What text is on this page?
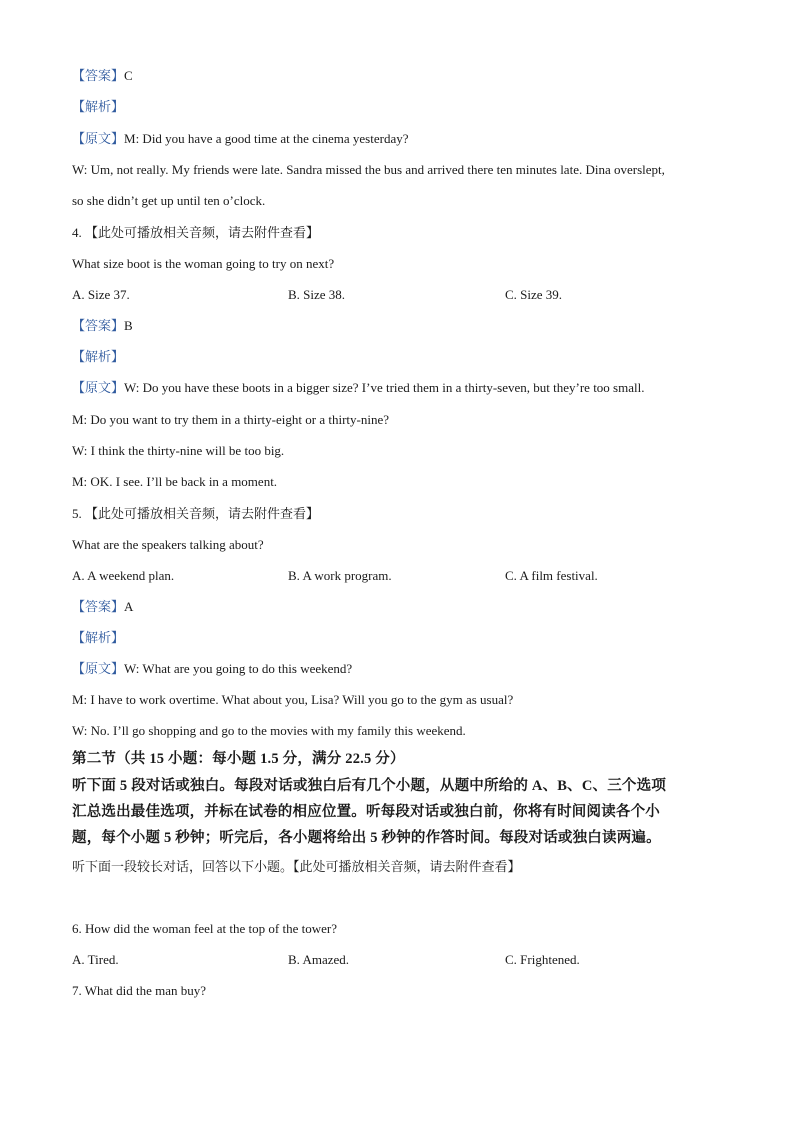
【答案】C
【解析】
【原文】M: Did you have a good time at the cinema yesterday?
W: Um, not really. My friends were late. Sandra missed the bus and arrived there ten minutes late. Dina overslept,
so she didn’t get up until ten o’clock.
4. 【此处可播放相关音频，请去附件查看】
What size boot is the woman going to try on next?
A. Size 37.	B. Size 38.	C. Size 39.
【答案】B
【解析】
【原文】W: Do you have these boots in a bigger size? I’ve tried them in a thirty-seven, but they’re too small.
M: Do you want to try them in a thirty-eight or a thirty-nine?
W: I think the thirty-nine will be too big.
M: OK. I see. I’ll be back in a moment.
5. 【此处可播放相关音频，请去附件查看】
What are the speakers talking about?
A. A weekend plan.	B. A work program.	C. A film festival.
【答案】A
【解析】
【原文】W: What are you going to do this weekend?
M: I have to work overtime. What about you, Lisa? Will you go to the gym as usual?
W: No. I’ll go shopping and go to the movies with my family this weekend.
第二节（共 15 小题：每小题 1.5 分，满分 22.5 分）
听下面 5 段对话或独白。每段对话或独白后有几个小题，从题中所给的 A、B、C、三个选项
汇总选出最佳选项，并标在试卷的相应位置。听每段对话或独白前，你将有时间阅读各个小
题，每个小题 5 秒钟；听完后，各小题将给出 5 秒钟的作答时间。每段对话或独白读两遍。
听下面一段较长对话，回答以下小题。【此处可播放相关音频，请去附件查看】
6. How did the woman feel at the top of the tower?
A. Tired.	B. Amazed.	C. Frightened.
7. What did the man buy?
